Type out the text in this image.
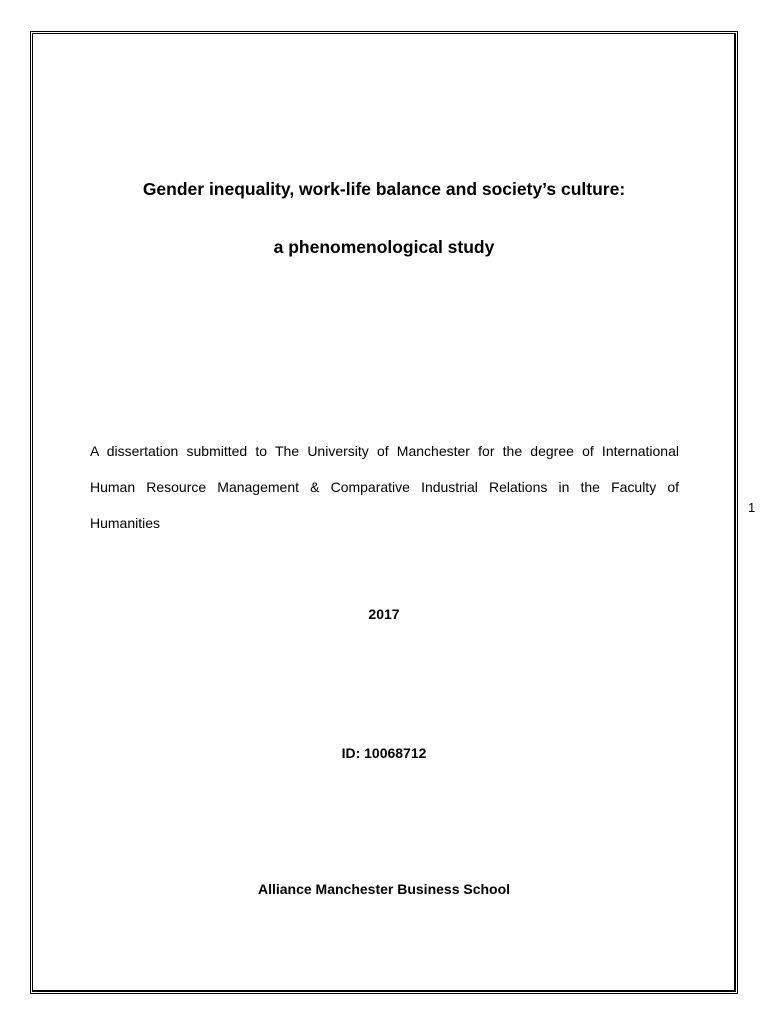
Gender inequality, work-life balance and society’s culture:
a phenomenological study
A dissertation submitted to The University of Manchester for the degree of International
Human Resource Management & Comparative Industrial Relations in the Faculty of
Humanities
2017
ID: 10068712
Alliance Manchester Business School
1
